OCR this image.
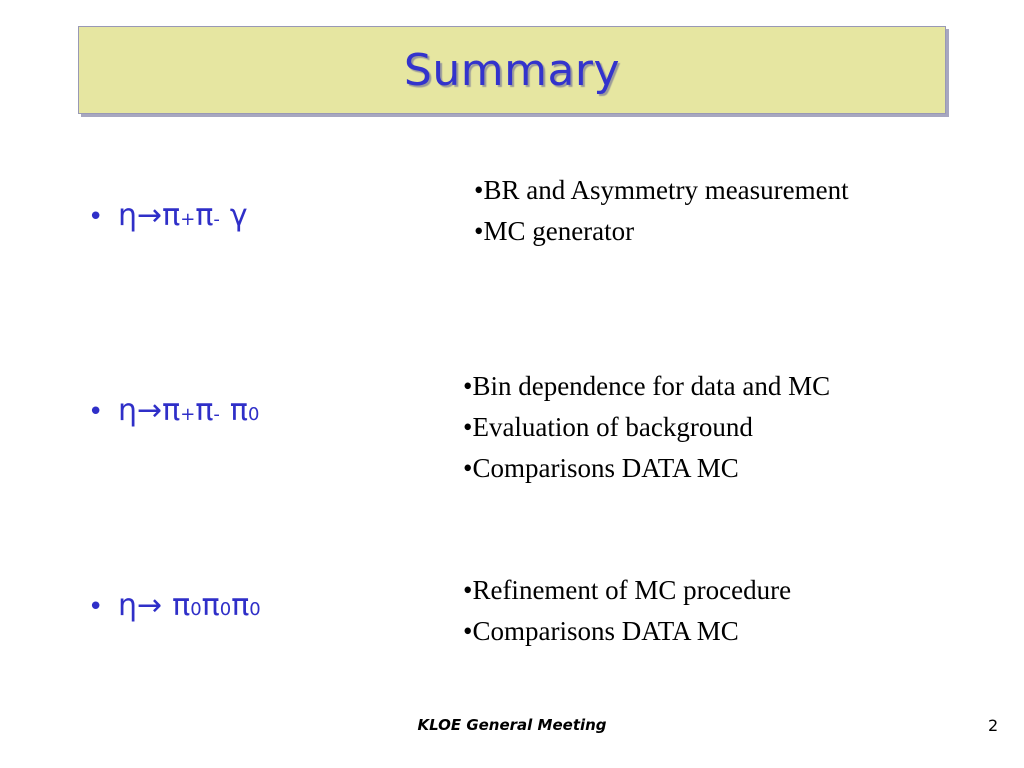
Summary
• η → π + π - γ
•BR and Asymmetry measurement
•MC generator
• η → π + π - π 0
•Bin dependence for data and MC
•Evaluation of background
•Comparisons DATA MC
• η → π 0 π 0 π 0
•Refinement of MC procedure
•Comparisons DATA MC
KLOE General Meeting	2
